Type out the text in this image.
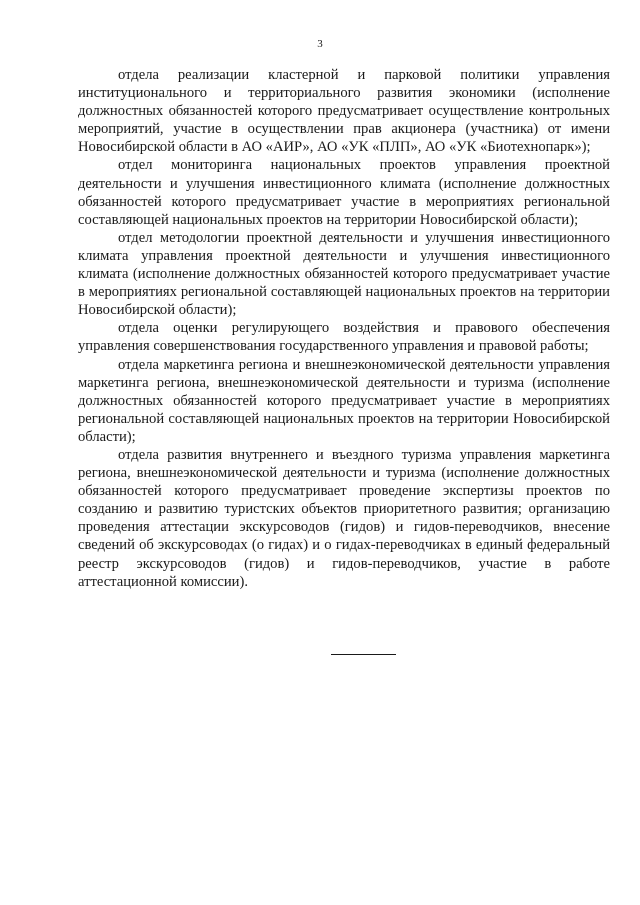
3

отдела реализации кластерной и парковой политики управления институционального и территориального развития экономики (исполнение должностных обязанностей которого предусматривает осуществление контрольных мероприятий, участие в осуществлении прав акционера (участника) от имени Новосибирской области в АО «АИР», АО «УК «ПЛП», АО «УК «Биотехнопарк»);

отдел мониторинга национальных проектов управления проектной деятельности и улучшения инвестиционного климата (исполнение должностных обязанностей которого предусматривает участие в мероприятиях региональной составляющей национальных проектов на территории Новосибирской области);

отдел методологии проектной деятельности и улучшения инвестиционного климата управления проектной деятельности и улучшения инвестиционного климата (исполнение должностных обязанностей которого предусматривает участие в мероприятиях региональной составляющей национальных проектов на территории Новосибирской области);

отдела оценки регулирующего воздействия и правового обеспечения управления совершенствования государственного управления и правовой работы;

отдела маркетинга региона и внешнеэкономической деятельности управления маркетинга региона, внешнеэкономической деятельности и туризма (исполнение должностных обязанностей которого предусматривает участие в мероприятиях региональной составляющей национальных проектов на территории Новосибирской области);

отдела развития внутреннего и въездного туризма управления маркетинга региона, внешнеэкономической деятельности и туризма (исполнение должностных обязанностей которого предусматривает проведение экспертизы проектов по созданию и развитию туристских объектов приоритетного развития; организацию проведения аттестации экскурсоводов (гидов) и гидов-переводчиков, внесение сведений об экскурсоводах (о гидах) и о гидах-переводчиках в единый федеральный реестр экскурсоводов (гидов) и гидов-переводчиков, участие в работе аттестационной комиссии).
